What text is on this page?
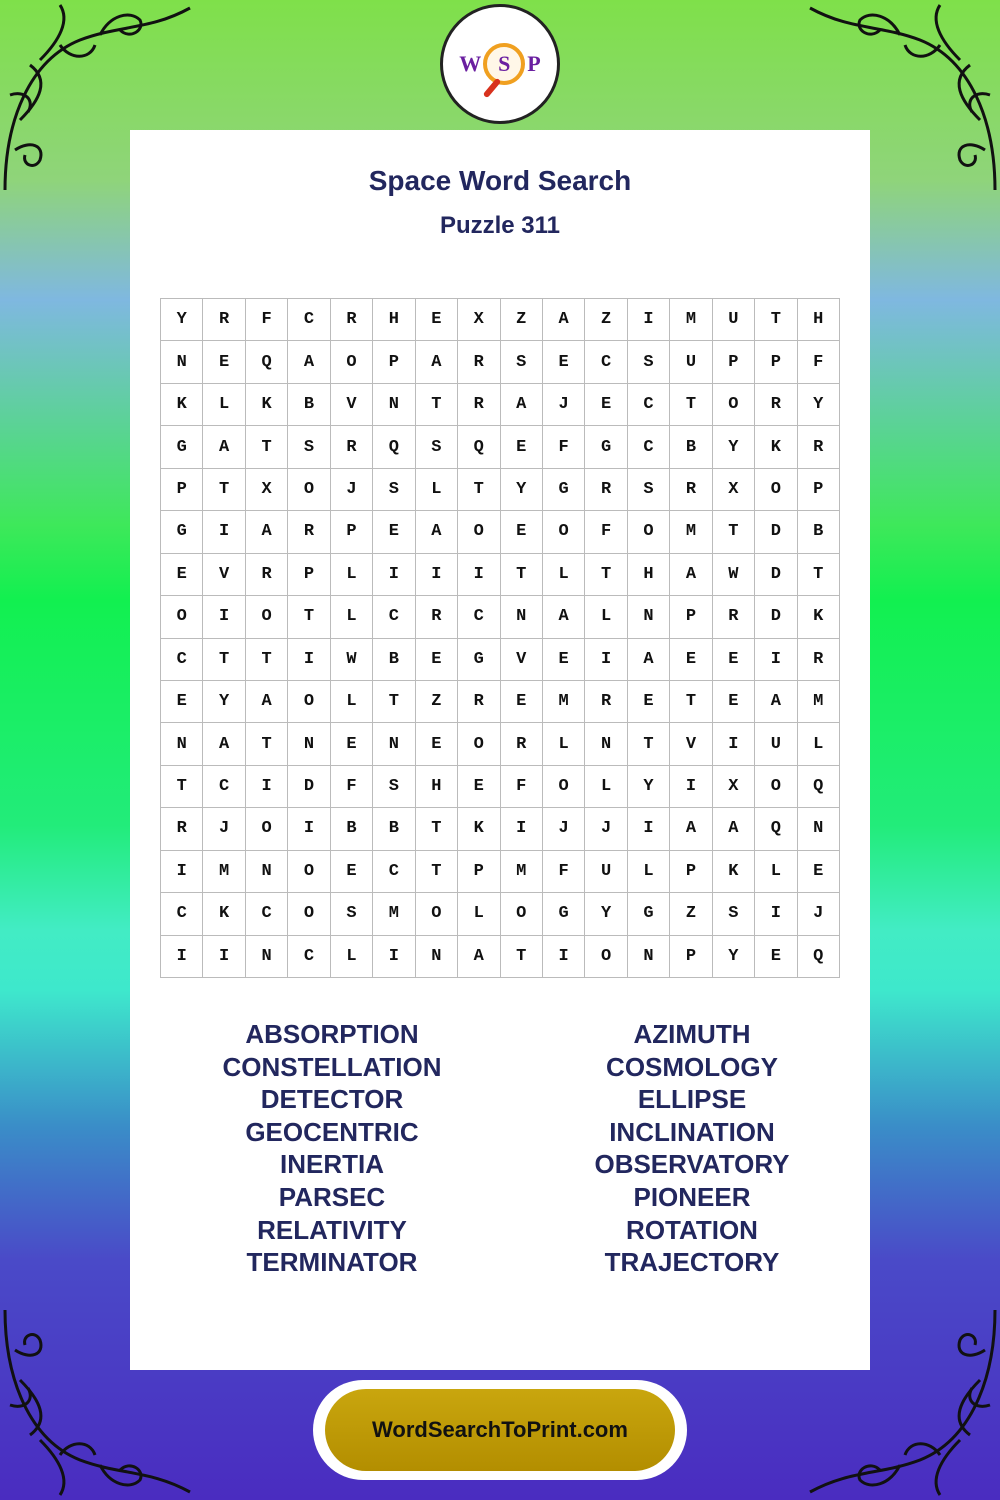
W S P
Space Word Search
Puzzle 311
Y	R	F	C	R	H	E	X	Z	A	Z	I	M	U	T	H
N	E	Q	A	O	P	A	R	S	E	C	S	U	P	P	F
K	L	K	B	V	N	T	R	A	J	E	C	T	O	R	Y
G	A	T	S	R	Q	S	Q	E	F	G	C	B	Y	K	R
P	T	X	O	J	S	L	T	Y	G	R	S	R	X	O	P
G	I	A	R	P	E	A	O	E	O	F	O	M	T	D	B
E	V	R	P	L	I	I	I	T	L	T	H	A	W	D	T
O	I	O	T	L	C	R	C	N	A	L	N	P	R	D	K
C	T	T	I	W	B	E	G	V	E	I	A	E	E	I	R
E	Y	A	O	L	T	Z	R	E	M	R	E	T	E	A	M
N	A	T	N	E	N	E	O	R	L	N	T	V	I	U	L
T	C	I	D	F	S	H	E	F	O	L	Y	I	X	O	Q
R	J	O	I	B	B	T	K	I	J	J	I	A	A	Q	N
I	M	N	O	E	C	T	P	M	F	U	L	P	K	L	E
C	K	C	O	S	M	O	L	O	G	Y	G	Z	S	I	J
I	I	N	C	L	I	N	A	T	I	O	N	P	Y	E	Q
ABSORPTION
CONSTELLATION
DETECTOR
GEOCENTRIC
INERTIA
PARSEC
RELATIVITY
TERMINATOR
AZIMUTH
COSMOLOGY
ELLIPSE
INCLINATION
OBSERVATORY
PIONEER
ROTATION
TRAJECTORY
WordSearchToPrint.com
